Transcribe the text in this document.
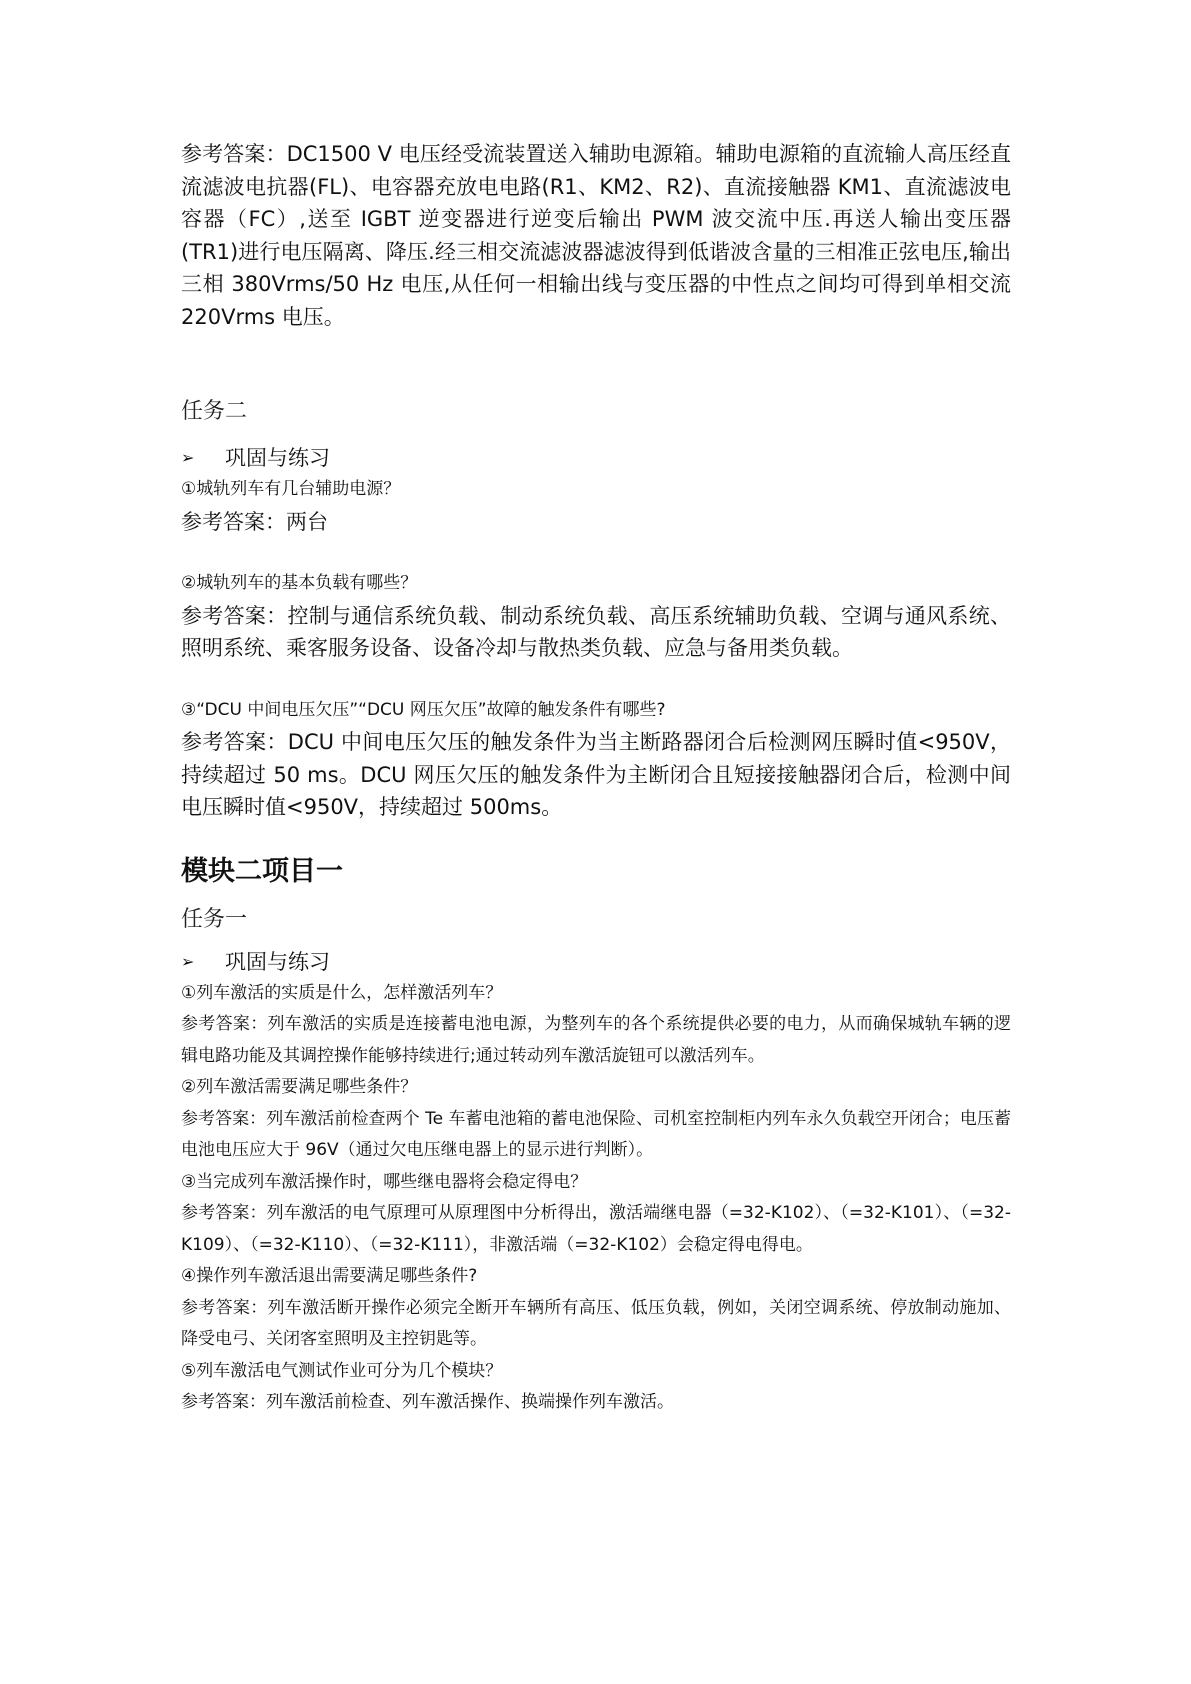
参考答案：DC1500 V 电压经受流装置送入辅助电源箱。辅助电源箱的直流输人高压经直流滤波电抗器(FL)、电容器充放电电路(R1、KM2、R2)、直流接触器 KM1、直流滤波电容器（FC）,送至 IGBT 逆变器进行逆变后输出 PWM 波交流中压.再送人输出变压器(TR1)进行电压隔离、降压.经三相交流滤波器滤波得到低谐波含量的三相准正弦电压,输出三相 380Vrms/50 Hz 电压,从任何一相输出线与变压器的中性点之间均可得到单相交流 220Vrms 电压。

任务二

➢	巩固与练习

①城轨列车有几台辅助电源？

参考答案：两台

②城轨列车的基本负载有哪些？

参考答案：控制与通信系统负载、制动系统负载、高压系统辅助负载、空调与通风系统、照明系统、乘客服务设备、设备冷却与散热类负载、应急与备用类负载。

③“DCU 中间电压欠压”“DCU 网压欠压”故障的触发条件有哪些?

参考答案：DCU 中间电压欠压的触发条件为当主断路器闭合后检测网压瞬时值<950V，持续超过 50 ms。DCU 网压欠压的触发条件为主断闭合且短接接触器闭合后，检测中间电压瞬时值<950V，持续超过 500ms。

模块二项目一

任务一

➢	巩固与练习

①列车激活的实质是什么，怎样激活列车？

参考答案：列车激活的实质是连接蓄电池电源，为整列车的各个系统提供必要的电力，从而确保城轨车辆的逻辑电路功能及其调控操作能够持续进行;通过转动列车激活旋钮可以激活列车。

②列车激活需要满足哪些条件？

参考答案：列车激活前检查两个 Te 车蓄电池箱的蓄电池保险、司机室控制柜内列车永久负载空开闭合；电压蓄电池电压应大于 96V（通过欠电压继电器上的显示进行判断）。

③当完成列车激活操作时，哪些继电器将会稳定得电？

参考答案：列车激活的电气原理可从原理图中分析得出，激活端继电器（=32-K102）、（=32-K101）、（=32-K109）、（=32-K110）、（=32-K111），非激活端（=32-K102）会稳定得电得电。

④操作列车激活退出需要满足哪些条件?

参考答案：列车激活断开操作必须完全断开车辆所有高压、低压负载，例如，关闭空调系统、停放制动施加、降受电弓、关闭客室照明及主控钥匙等。

⑤列车激活电气测试作业可分为几个模块？

参考答案：列车激活前检查、列车激活操作、换端操作列车激活。
